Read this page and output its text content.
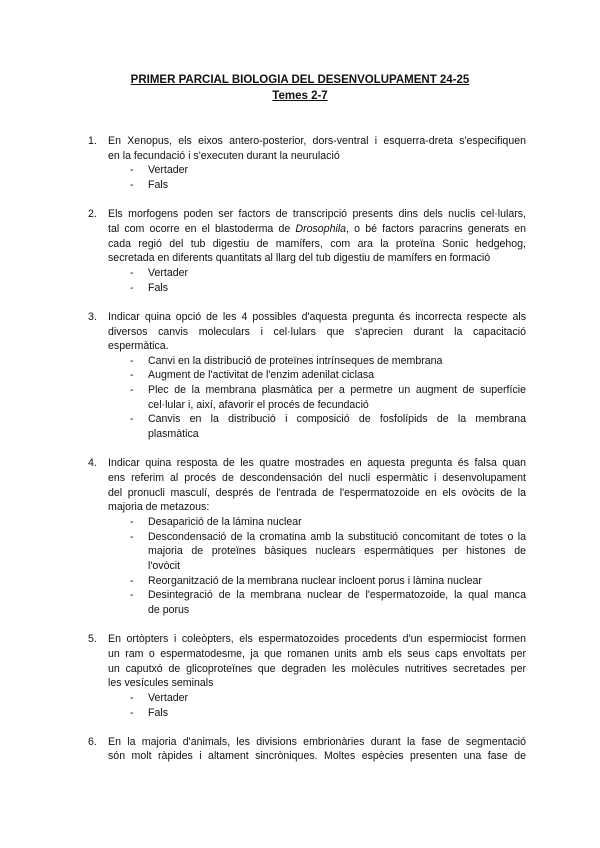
PRIMER PARCIAL BIOLOGIA DEL DESENVOLUPAMENT 24-25
Temes 2-7
1. En Xenopus, els eixos antero-posterior, dors-ventral i esquerra-dreta s'especifiquen
en la fecundació i s'executen durant la neurulació
- Vertader
- Fals
2. Els morfogens poden ser factors de transcripció presents dins dels nuclis cel·lulars,
tal com ocorre en el blastoderma de Drosophila, o bé factors paracrins generats en
cada regió del tub digestiu de mamífers, com ara la proteïna Sonic hedgehog,
secretada en diferents quantitats al llarg del tub digestiu de mamífers en formació
- Vertader
- Fals
3. Indicar quina opció de les 4 possibles d'aquesta pregunta és incorrecta respecte als
diversos canvis moleculars i cel·lulars que s'aprecien durant la capacitació
espermàtica.
- Canvi en la distribució de proteïnes intrínseques de membrana
- Augment de l'activitat de l'enzim adenilat ciclasa
- Plec de la membrana plasmàtica per a permetre un augment de superfície
cel·lular i, així, afavorir el procés de fecundació
- Canvis en la distribució i composició de fosfolípids de la membrana
plasmàtica
4. Indicar quina resposta de les quatre mostrades en aquesta pregunta és falsa quan
ens referim al procés de descondensación del nucli espermàtic i desenvolupament
del pronucli masculí, després de l'entrada de l'espermatozoide en els ovòcits de la
majoria de metazous:
- Desaparició de la lámina nuclear
- Descondensació de la cromatina amb la substitució concomitant de totes o la
majoria de proteïnes bàsiques nuclears espermàtiques per histones de
l'ovòcit
- Reorganització de la membrana nuclear incloent porus i làmina nuclear
- Desintegració de la membrana nuclear de l'espermatozoide, la qual manca
de porus
5. En ortòpters i coleòpters, els espermatozoides procedents d'un espermiocist formen
un ram o espermatodesme, ja que romanen units amb els seus caps envoltats per
un caputxó de glicoproteïnes que degraden les molècules nutritives secretades per
les vesícules seminals
- Vertader
- Fals
6. En la majoria d'animals, les divisions embrionàries durant la fase de segmentació
són molt ràpides i altament sincròniques. Moltes espècies presenten una fase de
